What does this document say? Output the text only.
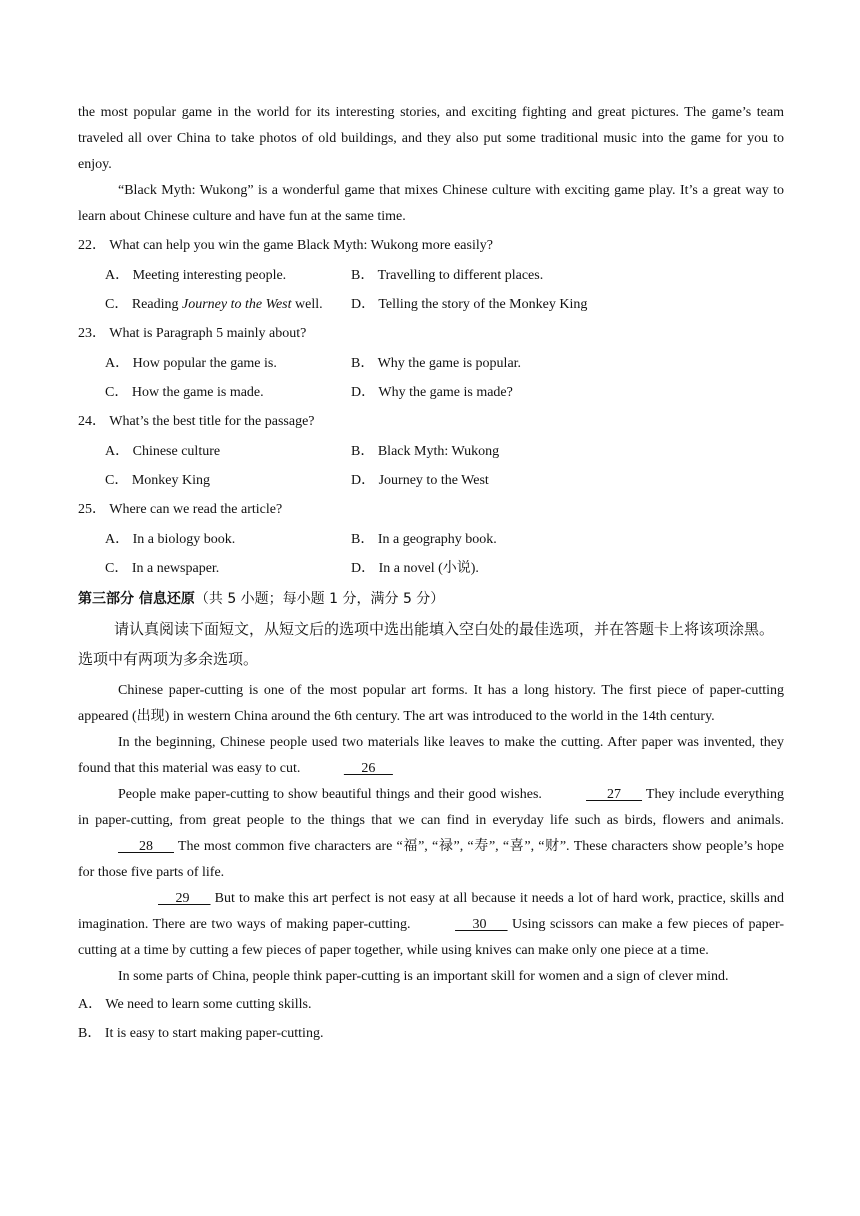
the most popular game in the world for its interesting stories, and exciting fighting and great pictures. The game’s team traveled all over China to take photos of old buildings, and they also put some traditional music into the game for you to enjoy.

“Black Myth: Wukong” is a wonderful game that mixes Chinese culture with exciting game play. It’s a great way to learn about Chinese culture and have fun at the same time.

22． What can help you win the game Black Myth: Wukong more easily?

A． Meeting interesting people.	B． Travelling to different places.
C． Reading Journey to the West well.	D． Telling the story of the Monkey King

23． What is Paragraph 5 mainly about?

A． How popular the game is.	B． Why the game is popular.
C． How the game is made.	D． Why the game is made?

24． What’s the best title for the passage?

A． Chinese culture	B． Black Myth: Wukong
C． Monkey King	D． Journey to the West

25． Where can we read the article?

A． In a biology book.	B． In a geography book.
C． In a newspaper.	D． In a novel (小说).
第三部分 信息还原（共 5 小题；每小题 1 分，满分 5 分）

请认真阅读下面短文，从短文后的选项中选出能填入空白处的最佳选项，并在答题卡上将该项涂黑。选项中有两项为多余选项。

Chinese paper-cutting is one of the most popular art forms. It has a long history. The first piece of paper-cutting appeared (出现) in western China around the 6th century. The art was introduced to the world in the 14th century.

In the beginning, Chinese people used two materials like leaves to make the cutting. After paper was invented, they found that this material was easy to cut.	26

People make paper-cutting to show beautiful things and their good wishes.	27       They include everything in paper-cutting, from great people to the things that we can find in everyday life such as birds, flowers and animals.       28       The most common five characters are “福”, “禄”, “寿”, “喜”, “财”. These characters show people’s hope for those five parts of life.

29       But to make this art perfect is not easy at all because it needs a lot of hard work, practice, skills and imagination. There are two ways of making paper-cutting.	30       Using scissors can make a few pieces of paper-cutting at a time by cutting a few pieces of paper together, while using knives can make only one piece at a time.

In some parts of China, people think paper-cutting is an important skill for women and a sign of clever mind.

A． We need to learn some cutting skills.

B． It is easy to start making paper-cutting.
